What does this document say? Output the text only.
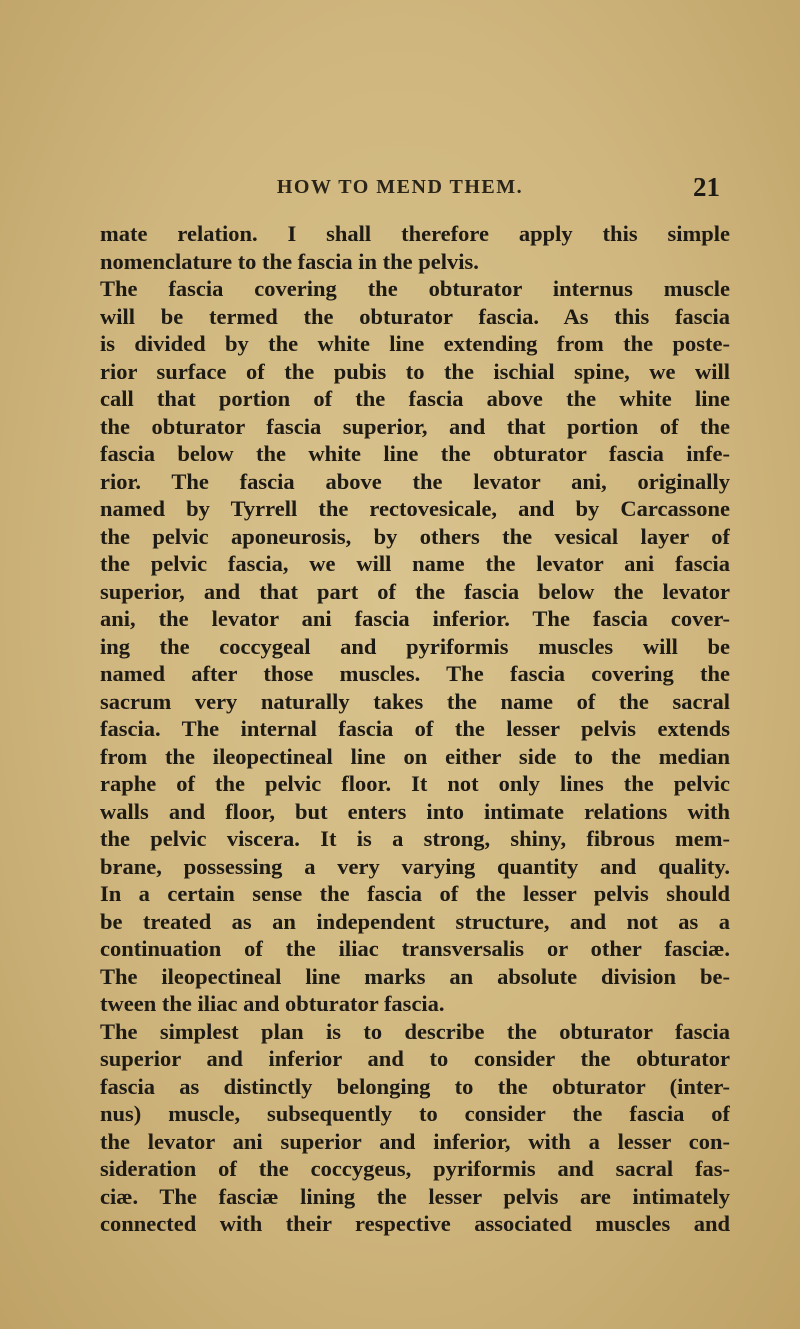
HOW TO MEND THEM.	21
mate relation. I shall therefore apply this simple
nomenclature to the fascia in the pelvis.
The fascia covering the obturator internus muscle
will be termed the obturator fascia. As this fascia
is divided by the white line extending from the poste-
rior surface of the pubis to the ischial spine, we will
call that portion of the fascia above the white line
the obturator fascia superior, and that portion of the
fascia below the white line the obturator fascia infe-
rior. The fascia above the levator ani, originally
named by Tyrrell the rectovesicale, and by Carcassone
the pelvic aponeurosis, by others the vesical layer of
the pelvic fascia, we will name the levator ani fascia
superior, and that part of the fascia below the levator
ani, the levator ani fascia inferior. The fascia cover-
ing the coccygeal and pyriformis muscles will be
named after those muscles. The fascia covering the
sacrum very naturally takes the name of the sacral
fascia. The internal fascia of the lesser pelvis extends
from the ileopectineal line on either side to the median
raphe of the pelvic floor. It not only lines the pelvic
walls and floor, but enters into intimate relations with
the pelvic viscera. It is a strong, shiny, fibrous mem-
brane, possessing a very varying quantity and quality.
In a certain sense the fascia of the lesser pelvis should
be treated as an independent structure, and not as a
continuation of the iliac transversalis or other fasciæ.
The ileopectineal line marks an absolute division be-
tween the iliac and obturator fascia.
The simplest plan is to describe the obturator fascia
superior and inferior and to consider the obturator
fascia as distinctly belonging to the obturator (inter-
nus) muscle, subsequently to consider the fascia of
the levator ani superior and inferior, with a lesser con-
sideration of the coccygeus, pyriformis and sacral fas-
ciæ. The fasciæ lining the lesser pelvis are intimately
connected with their respective associated muscles and
